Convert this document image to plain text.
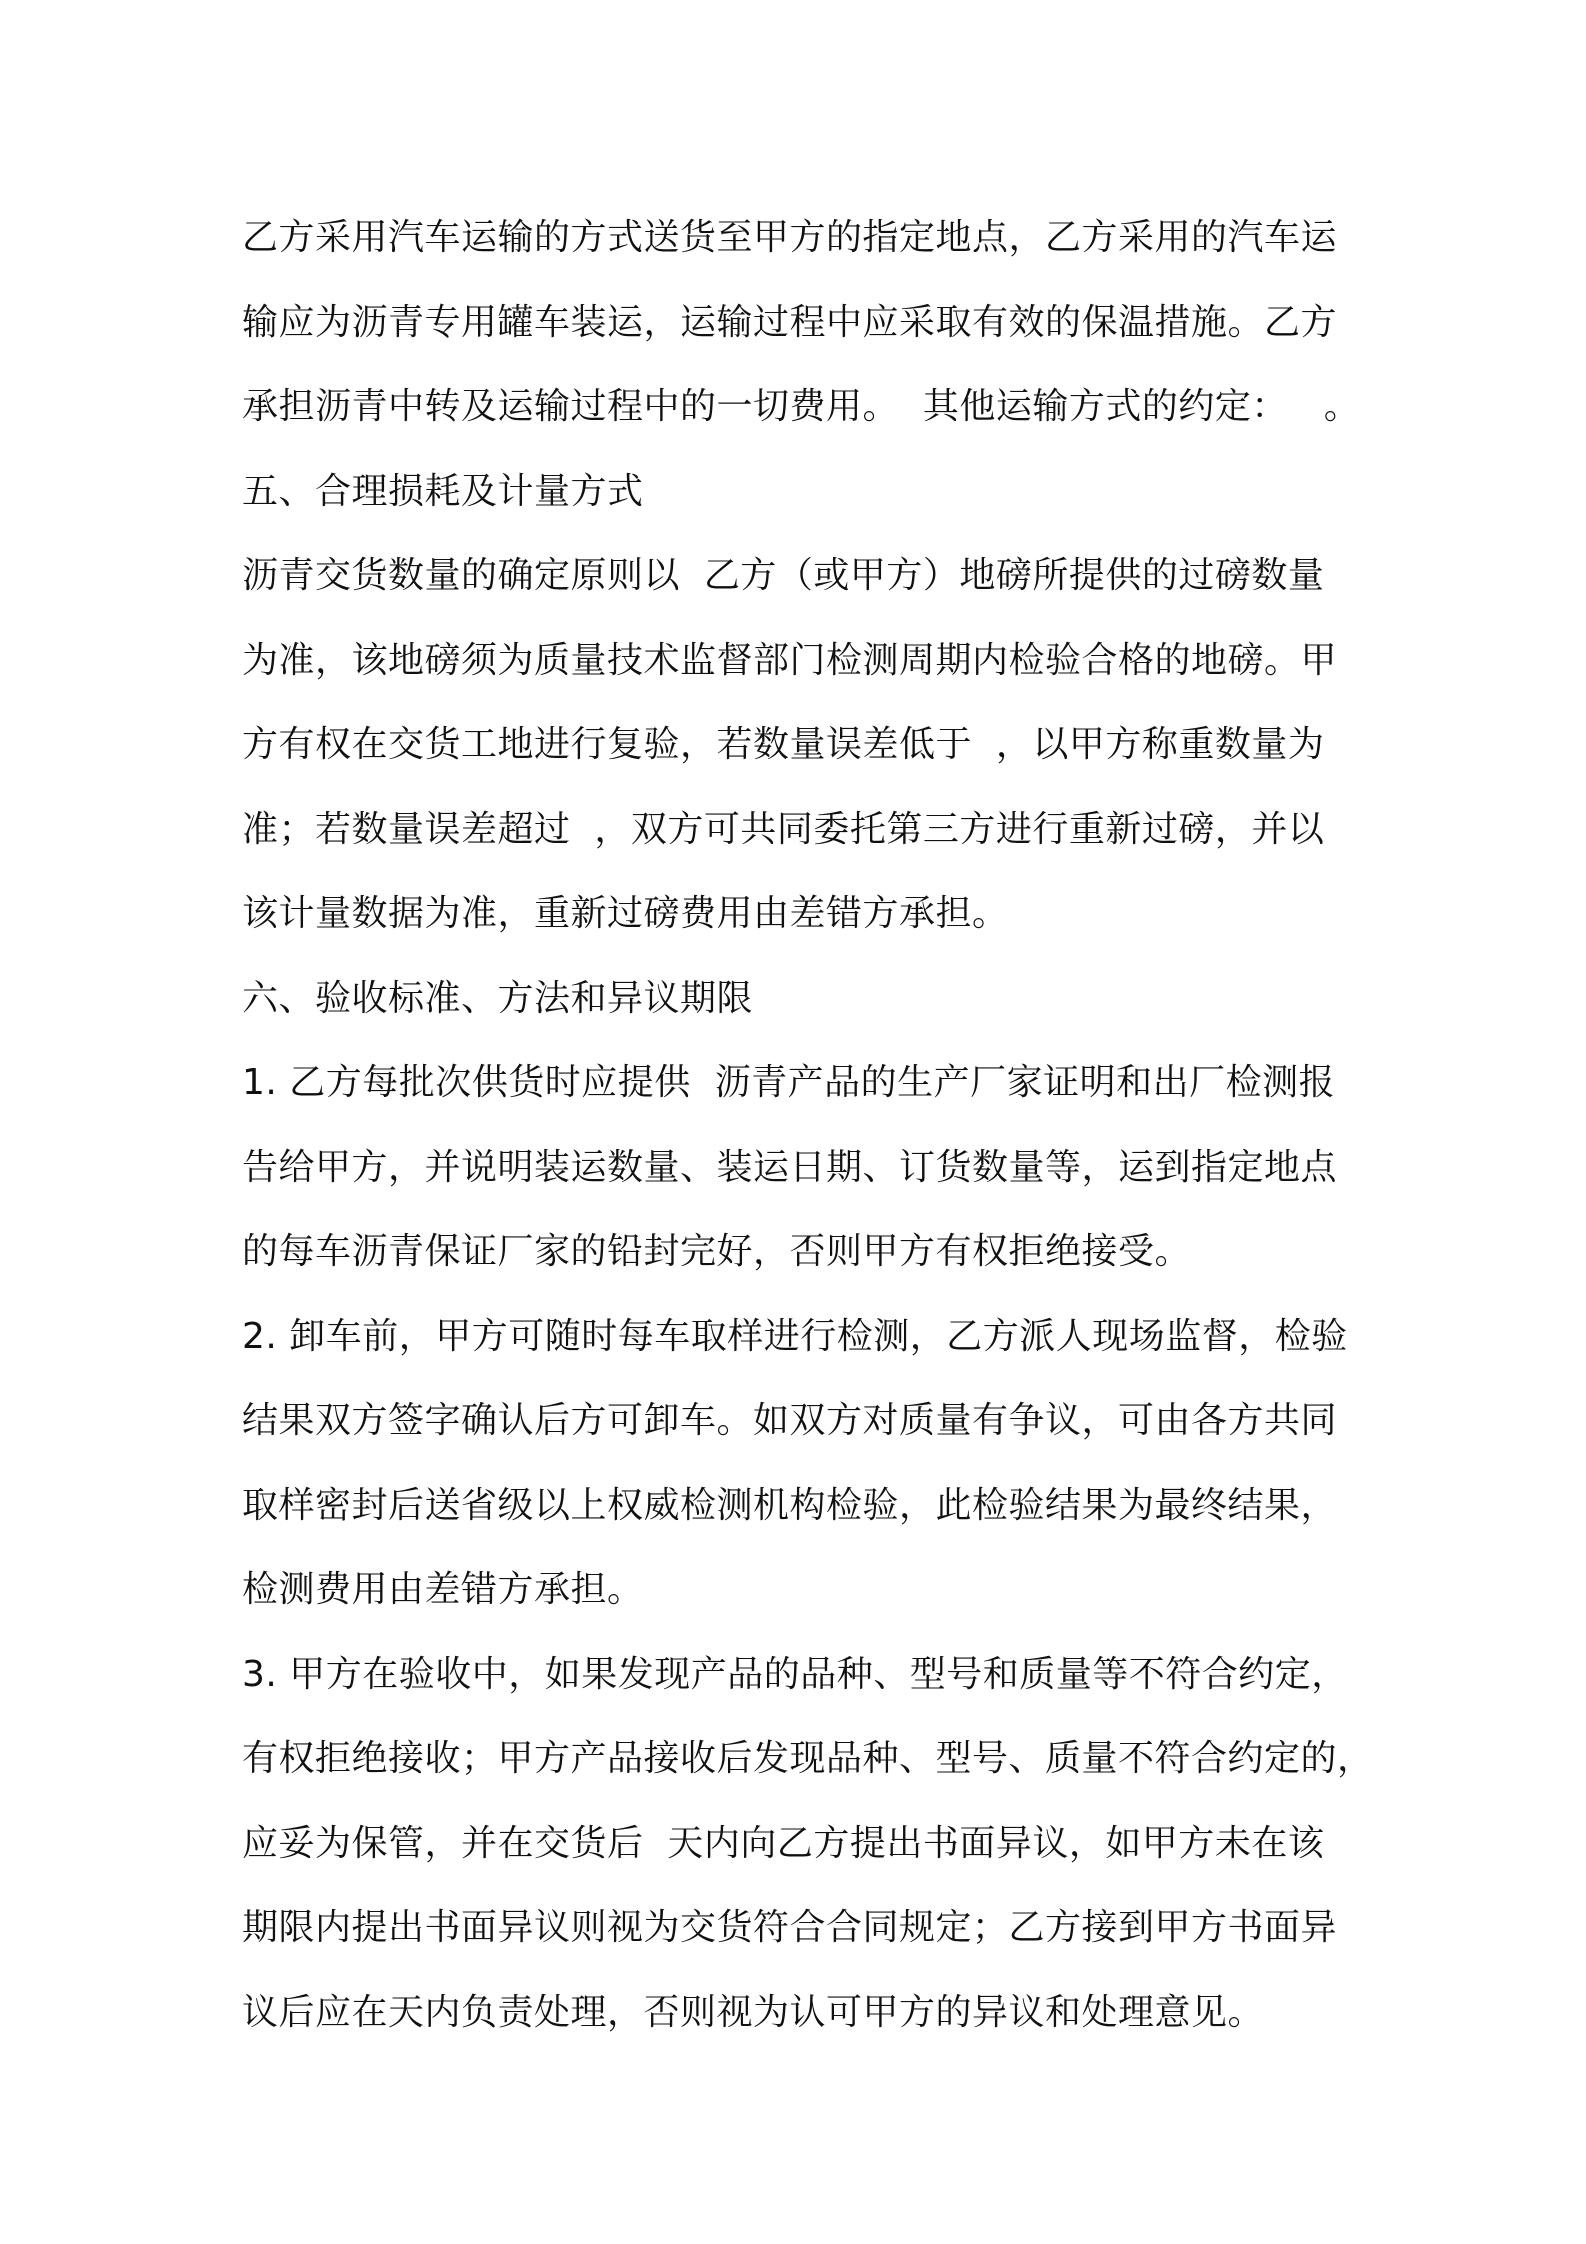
乙方采用汽车运输的方式送货至甲方的指定地点，乙方采用的汽车运
输应为沥青专用罐车装运，运输过程中应采取有效的保温措施。乙方
承担沥青中转及运输过程中的一切费用。  其他运输方式的约定：   。
五、合理损耗及计量方式
沥青交货数量的确定原则以  乙方（或甲方）地磅所提供的过磅数量
为准，该地磅须为质量技术监督部门检测周期内检验合格的地磅。甲
方有权在交货工地进行复验，若数量误差低于  ，以甲方称重数量为
准；若数量误差超过  ，双方可共同委托第三方进行重新过磅，并以
该计量数据为准，重新过磅费用由差错方承担。
六、验收标准、方法和异议期限
1. 乙方每批次供货时应提供  沥青产品的生产厂家证明和出厂检测报
告给甲方，并说明装运数量、装运日期、订货数量等，运到指定地点
的每车沥青保证厂家的铅封完好，否则甲方有权拒绝接受。
2. 卸车前，甲方可随时每车取样进行检测，乙方派人现场监督，检验
结果双方签字确认后方可卸车。如双方对质量有争议，可由各方共同
取样密封后送省级以上权威检测机构检验，此检验结果为最终结果，
检测费用由差错方承担。
3. 甲方在验收中，如果发现产品的品种、型号和质量等不符合约定，
有权拒绝接收；甲方产品接收后发现品种、型号、质量不符合约定的，
应妥为保管，并在交货后  天内向乙方提出书面异议，如甲方未在该
期限内提出书面异议则视为交货符合合同规定；乙方接到甲方书面异
议后应在天内负责处理，否则视为认可甲方的异议和处理意见。
